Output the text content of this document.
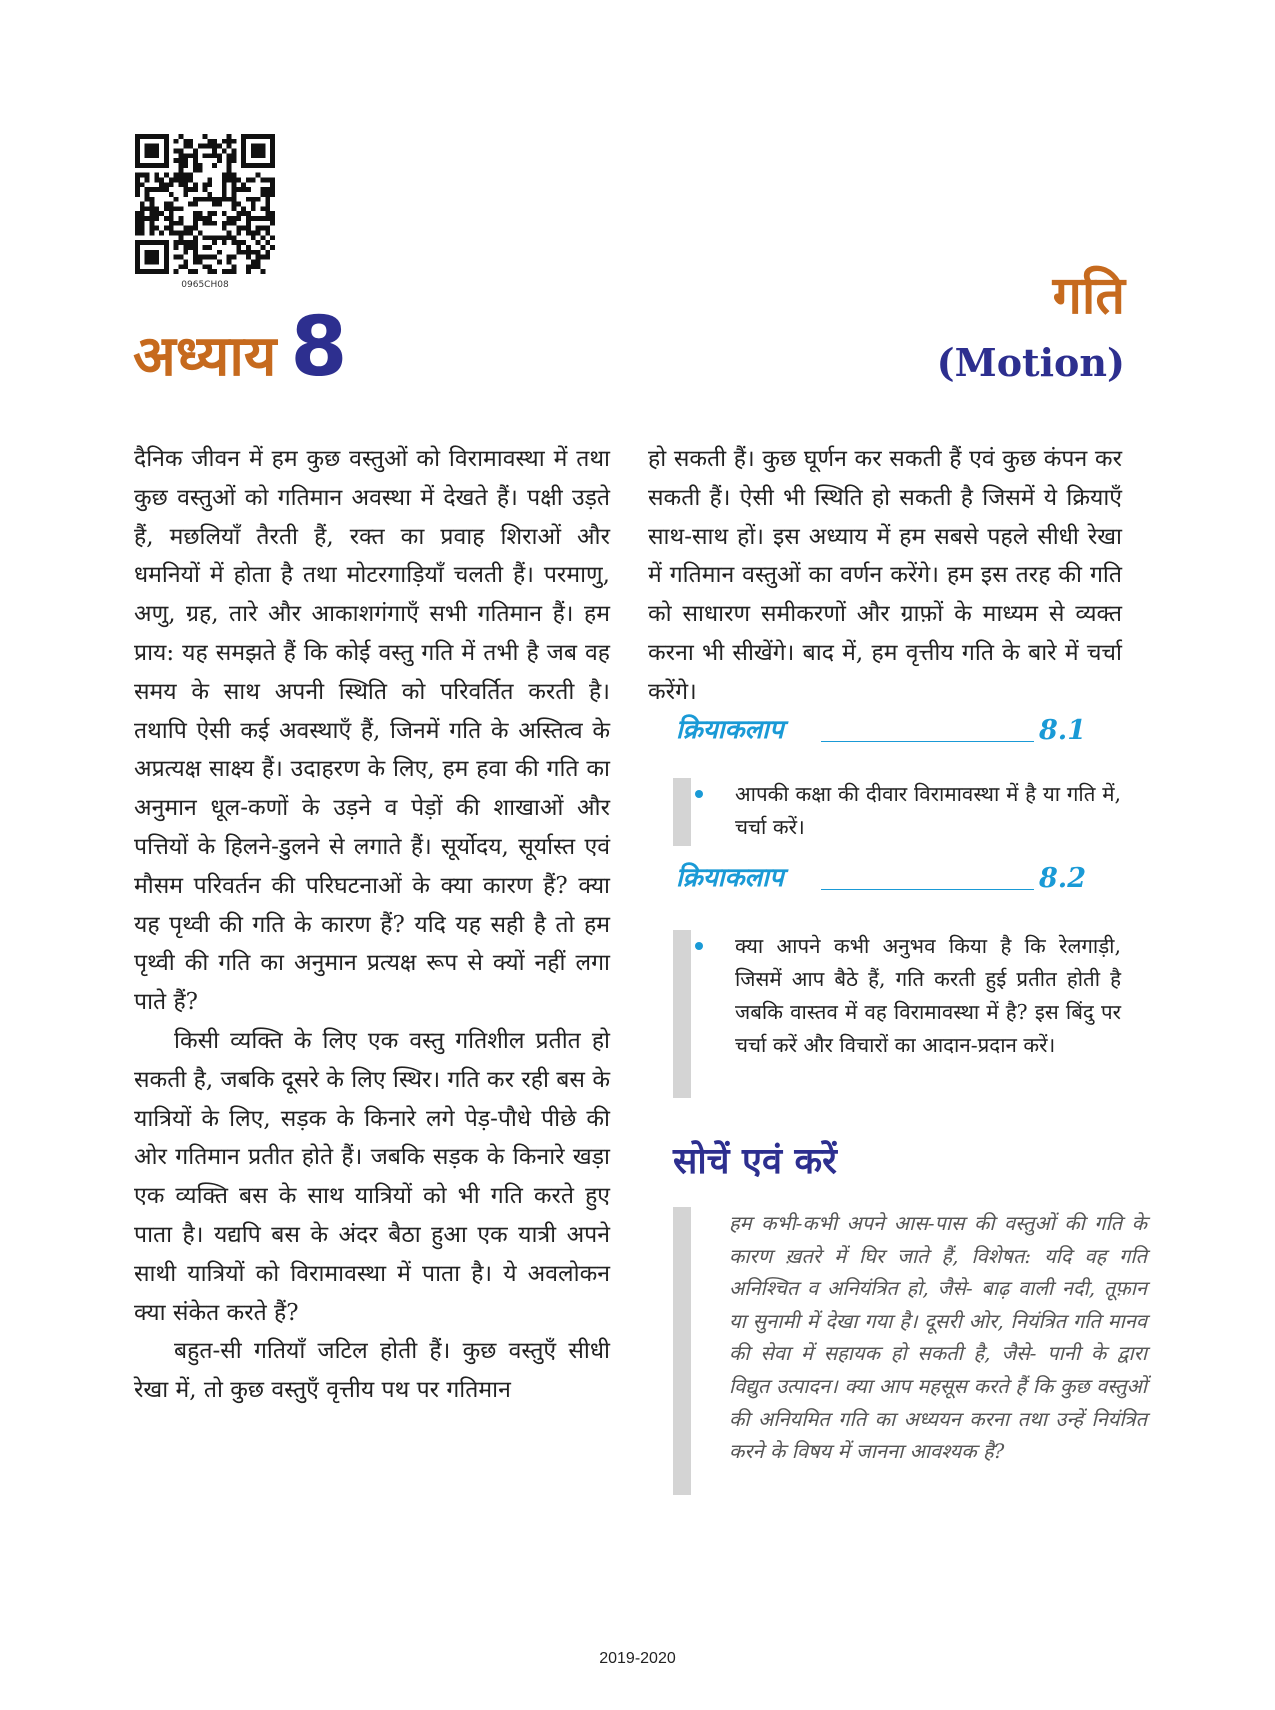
0965CH08
अध्याय 8
गति
(Motion)

दैनिक जीवन में हम कुछ वस्तुओं को विरामावस्था में तथा कुछ वस्तुओं को गतिमान अवस्था में देखते हैं। पक्षी उड़ते हैं, मछलियाँ तैरती हैं, रक्त का प्रवाह शिराओं और धमनियों में होता है तथा मोटरगाड़ियाँ चलती हैं। परमाणु, अणु, ग्रह, तारे और आकाशगंगाएँ सभी गतिमान हैं। हम प्राय: यह समझते हैं कि कोई वस्तु गति में तभी है जब वह समय के साथ अपनी स्थिति को परिवर्तित करती है। तथापि ऐसी कई अवस्थाएँ हैं, जिनमें गति के अस्तित्व के अप्रत्यक्ष साक्ष्य हैं। उदाहरण के लिए, हम हवा की गति का अनुमान धूल-कणों के उड़ने व पेड़ों की शाखाओं और पत्तियों के हिलने-डुलने से लगाते हैं। सूर्योदय, सूर्यास्त एवं मौसम परिवर्तन की परिघटनाओं के क्या कारण हैं? क्या यह पृथ्वी की गति के कारण हैं? यदि यह सही है तो हम पृथ्वी की गति का अनुमान प्रत्यक्ष रूप से क्यों नहीं लगा पाते हैं?

किसी व्यक्ति के लिए एक वस्तु गतिशील प्रतीत हो सकती है, जबकि दूसरे के लिए स्थिर। गति कर रही बस के यात्रियों के लिए, सड़क के किनारे लगे पेड़-पौधे पीछे की ओर गतिमान प्रतीत होते हैं। जबकि सड़क के किनारे खड़ा एक व्यक्ति बस के साथ यात्रियों को भी गति करते हुए पाता है। यद्यपि बस के अंदर बैठा हुआ एक यात्री अपने साथी यात्रियों को विरामावस्था में पाता है। ये अवलोकन क्या संकेत करते हैं?

बहुत-सी गतियाँ जटिल होती हैं। कुछ वस्तुएँ सीधी रेखा में, तो कुछ वस्तुएँ वृत्तीय पथ पर गतिमान

हो सकती हैं। कुछ घूर्णन कर सकती हैं एवं कुछ कंपन कर सकती हैं। ऐसी भी स्थिति हो सकती है जिसमें ये क्रियाएँ साथ-साथ हों। इस अध्याय में हम सबसे पहले सीधी रेखा में गतिमान वस्तुओं का वर्णन करेंगे। हम इस तरह की गति को साधारण समीकरणों और ग्राफ़ों के माध्यम से व्यक्त करना भी सीखेंगे। बाद में, हम वृत्तीय गति के बारे में चर्चा करेंगे।

क्रियाकलाप	8.1
आपकी कक्षा की दीवार विरामावस्था में है या गति में, चर्चा करें।
क्रियाकलाप	8.2
क्या आपने कभी अनुभव किया है कि रेलगाड़ी, जिसमें आप बैठे हैं, गति करती हुई प्रतीत होती है जबकि वास्तव में वह विरामावस्था में है? इस बिंदु पर चर्चा करें और विचारों का आदान-प्रदान करें।
सोचें एवं करें
हम कभी-कभी अपने आस-पास की वस्तुओं की गति के कारण ख़तरे में घिर जाते हैं, विशेषत: यदि वह गति अनिश्चित व अनियंत्रित हो, जैसे- बाढ़ वाली नदी, तूफ़ान या सुनामी में देखा गया है। दूसरी ओर, नियंत्रित गति मानव की सेवा में सहायक हो सकती है, जैसे- पानी के द्वारा विद्युत उत्पादन। क्या आप महसूस करते हैं कि कुछ वस्तुओं की अनियमित गति का अध्ययन करना तथा उन्हें नियंत्रित करने के विषय में जानना आवश्यक है?
2019-2020
